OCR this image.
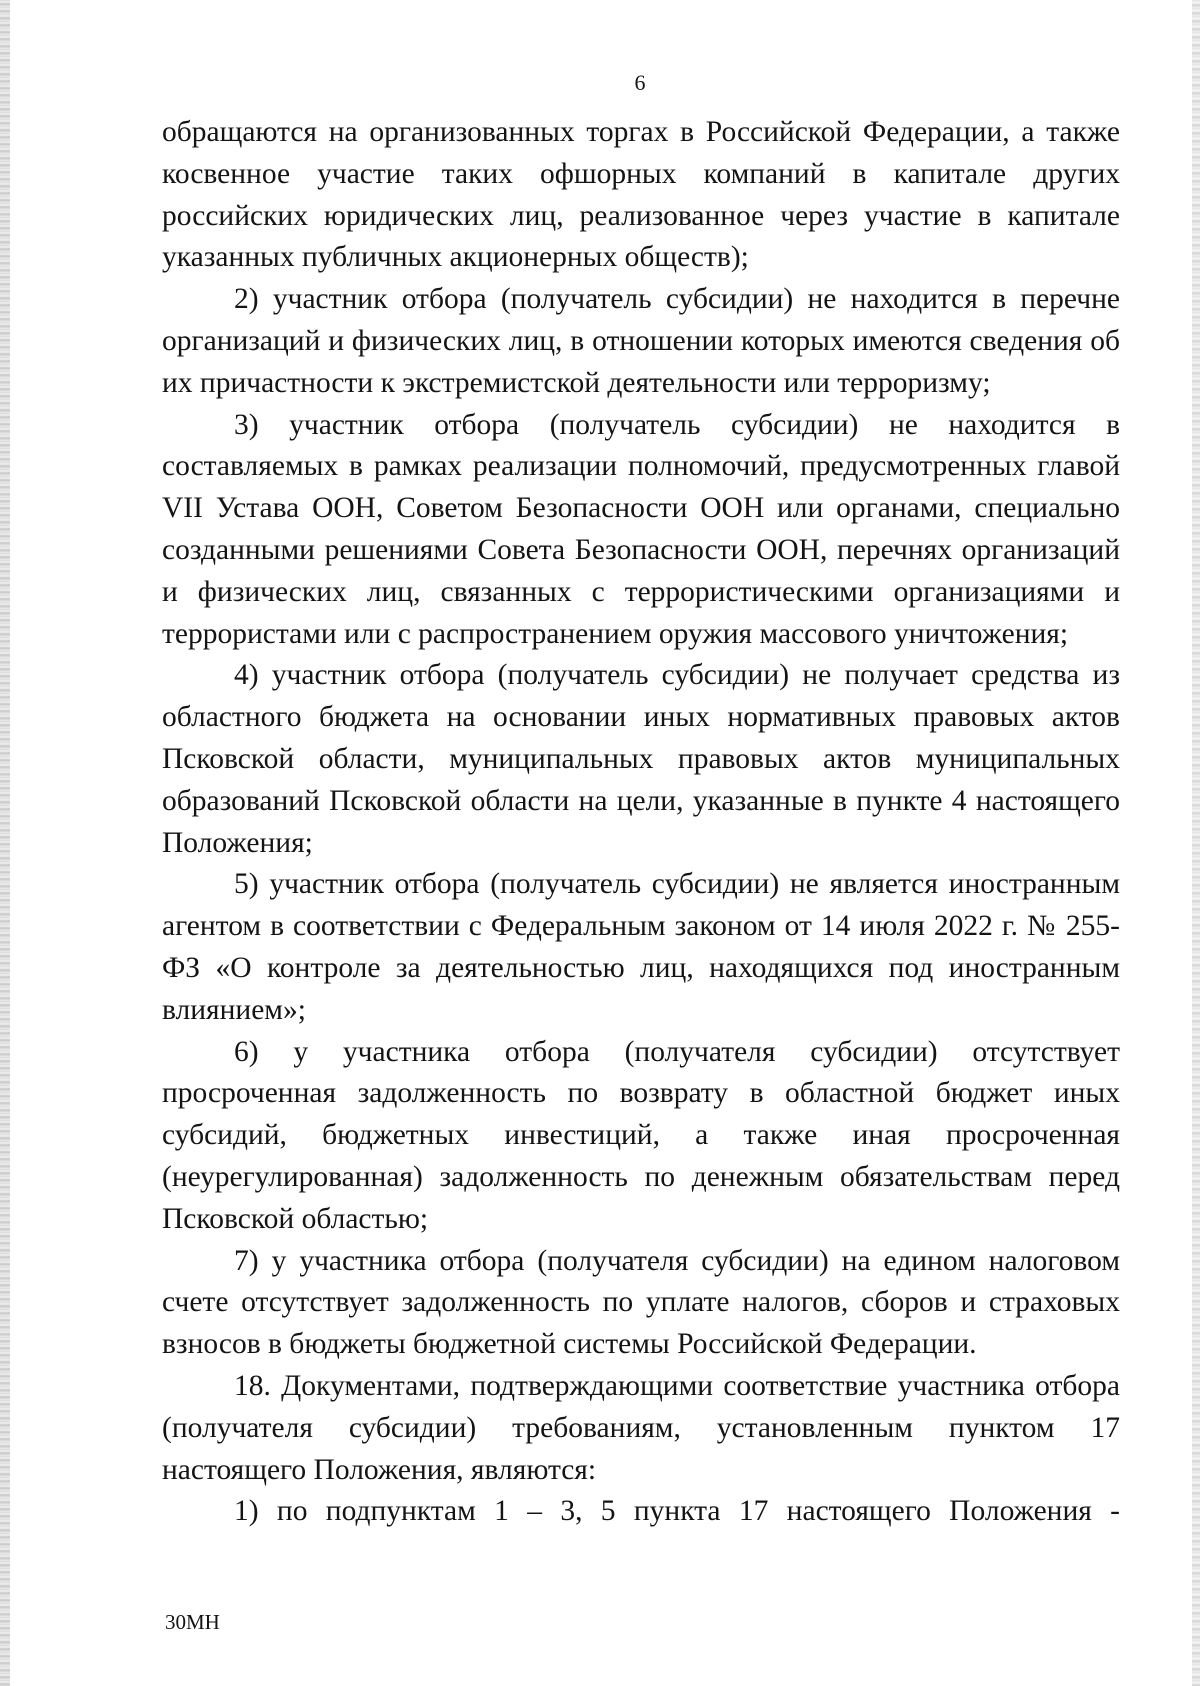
6

обращаются на организованных торгах в Российской Федерации, а также косвенное участие таких офшорных компаний в капитале других российских юридических лиц, реализованное через участие в капитале указанных публичных акционерных обществ);

2) участник отбора (получатель субсидии) не находится в перечне организаций и физических лиц, в отношении которых имеются сведения об их причастности к экстремистской деятельности или терроризму;

3) участник отбора (получатель субсидии) не находится в составляемых в рамках реализации полномочий, предусмотренных главой VII Устава ООН, Советом Безопасности ООН или органами, специально созданными решениями Совета Безопасности ООН, перечнях организаций и физических лиц, связанных с террористическими организациями и террористами или с распространением оружия массового уничтожения;

4) участник отбора (получатель субсидии) не получает средства из областного бюджета на основании иных нормативных правовых актов Псковской области, муниципальных правовых актов муниципальных образований Псковской области на цели, указанные в пункте 4 настоящего Положения;

5) участник отбора (получатель субсидии) не является иностранным агентом в соответствии с Федеральным законом от 14 июля 2022 г. № 255-ФЗ «О контроле за деятельностью лиц, находящихся под иностранным влиянием»;

6) у участника отбора (получателя субсидии) отсутствует просроченная задолженность по возврату в областной бюджет иных субсидий, бюджетных инвестиций, а также иная просроченная (неурегулированная) задолженность по денежным обязательствам перед Псковской областью;

7) у участника отбора (получателя субсидии) на едином налоговом счете отсутствует задолженность по уплате налогов, сборов и страховых взносов в бюджеты бюджетной системы Российской Федерации.

18. Документами, подтверждающими соответствие участника отбора (получателя субсидии) требованиям, установленным пунктом 17 настоящего Положения, являются:

1) по подпунктам 1 – 3, 5 пункта 17 настоящего Положения -

30МН
